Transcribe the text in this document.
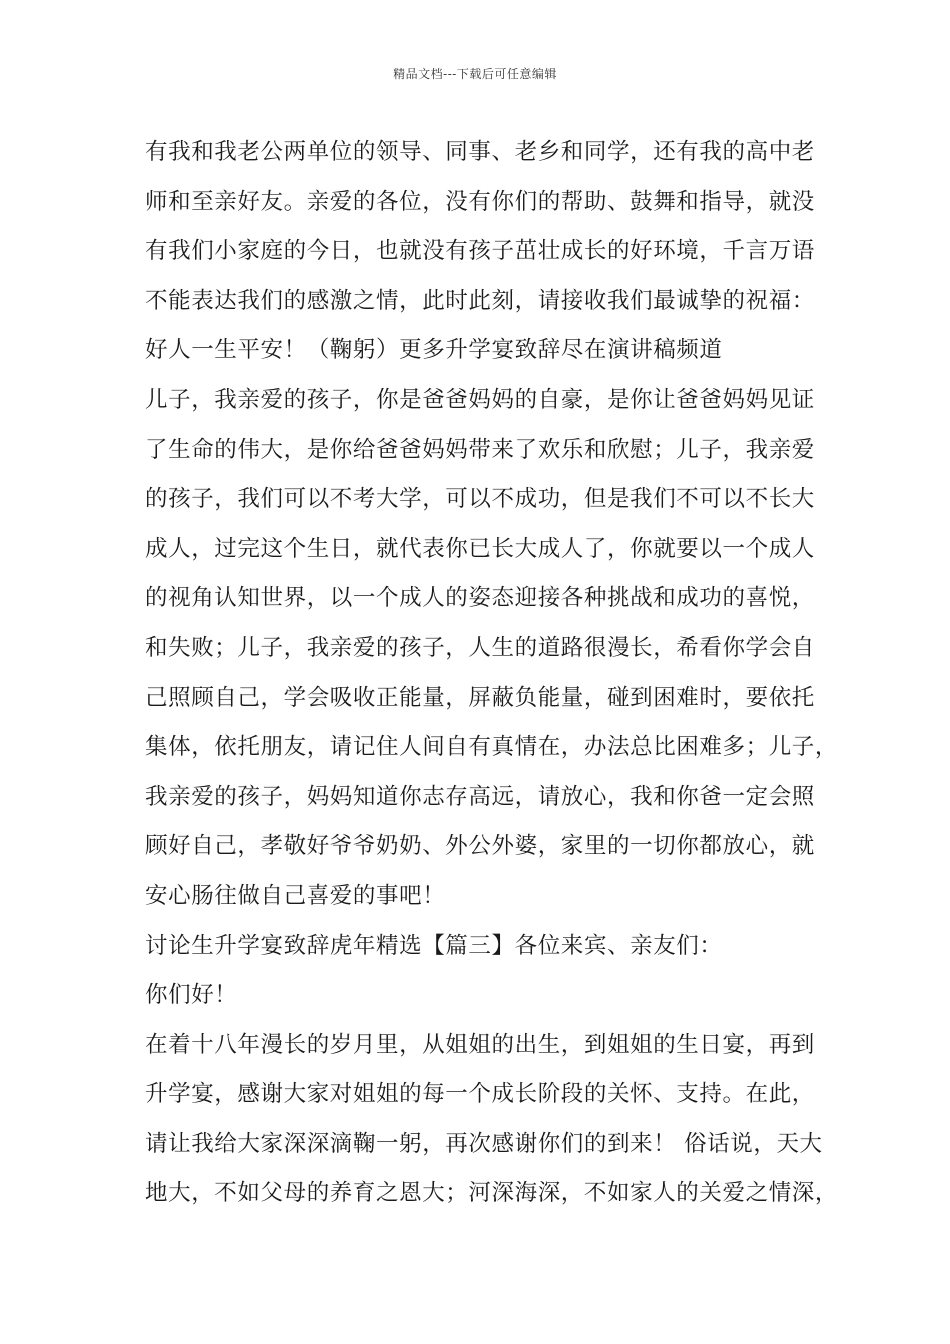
精品文档---下载后可任意编辑
有我和我老公两单位的领导、同事、老乡和同学，还有我的高中老
师和至亲好友。亲爱的各位，没有你们的帮助、鼓舞和指导，就没
有我们小家庭的今日，也就没有孩子茁壮成长的好环境，千言万语
不能表达我们的感激之情，此时此刻，请接收我们最诚挚的祝福：
好人一生平安！（鞠躬）更多升学宴致辞尽在演讲稿频道
儿子，我亲爱的孩子，你是爸爸妈妈的自豪，是你让爸爸妈妈见证
了生命的伟大，是你给爸爸妈妈带来了欢乐和欣慰；儿子，我亲爱
的孩子，我们可以不考大学，可以不成功，但是我们不可以不长大
成人，过完这个生日，就代表你已长大成人了，你就要以一个成人
的视角认知世界，以一个成人的姿态迎接各种挑战和成功的喜悦，
和失败；儿子，我亲爱的孩子，人生的道路很漫长，希看你学会自
己照顾自己，学会吸收正能量，屏蔽负能量，碰到困难时，要依托
集体，依托朋友，请记住人间自有真情在，办法总比困难多；儿子，
我亲爱的孩子，妈妈知道你志存高远，请放心，我和你爸一定会照
顾好自己，孝敬好爷爷奶奶、外公外婆，家里的一切你都放心，就
安心肠往做自己喜爱的事吧！
讨论生升学宴致辞虎年精选【篇三】各位来宾、亲友们：
你们好！
在着十八年漫长的岁月里，从姐姐的出生，到姐姐的生日宴，再到
升学宴，感谢大家对姐姐的每一个成长阶段的关怀、支持。在此，
请让我给大家深深滴鞠一躬，再次感谢你们的到来！ 俗话说，天大
地大，不如父母的养育之恩大；河深海深，不如家人的关爱之情深，
